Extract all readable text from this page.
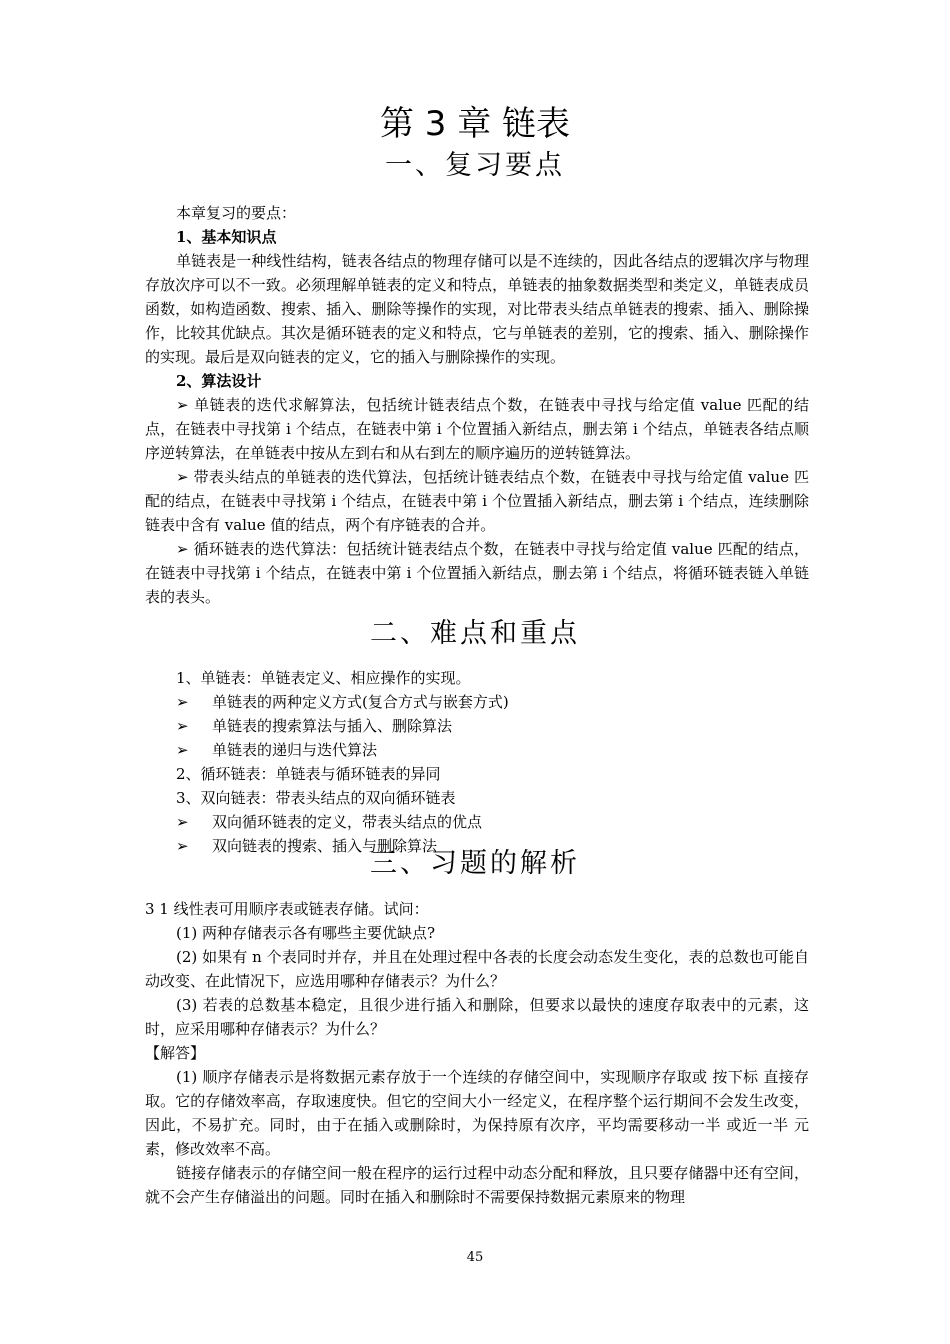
第 3 章 链表
一、复习要点

本章复习的要点：

1、基本知识点

单链表是一种线性结构，链表各结点的物理存储可以是不连续的，因此各结点的逻辑次序与物理存放次序可以不一致。必须理解单链表的定义和特点，单链表的抽象数据类型和类定义，单链表成员函数，如构造函数、搜索、插入、删除等操作的实现，对比带表头结点单链表的搜索、插入、删除操作，比较其优缺点。其次是循环链表的定义和特点，它与单链表的差别，它的搜索、插入、删除操作的实现。最后是双向链表的定义，它的插入与删除操作的实现。

2、算法设计

➢ 单链表的迭代求解算法，包括统计链表结点个数，在链表中寻找与给定值 value 匹配的结点，在链表中寻找第 i 个结点，在链表中第 i 个位置插入新结点，删去第 i 个结点，单链表各结点顺序逆转算法，在单链表中按从左到右和从右到左的顺序遍历的逆转链算法。

➢ 带表头结点的单链表的迭代算法，包括统计链表结点个数，在链表中寻找与给定值 value 匹配的结点，在链表中寻找第 i 个结点，在链表中第 i 个位置插入新结点，删去第 i 个结点，连续删除链表中含有 value 值的结点，两个有序链表的合并。

➢ 循环链表的迭代算法：包括统计链表结点个数，在链表中寻找与给定值 value 匹配的结点，在链表中寻找第 i 个结点，在链表中第 i 个位置插入新结点，删去第 i 个结点，将循环链表链入单链表的表头。

二、难点和重点

1、单链表：单链表定义、相应操作的实现。

➢ 单链表的两种定义方式(复合方式与嵌套方式)

➢ 单链表的搜索算法与插入、删除算法

➢ 单链表的递归与迭代算法

2、循环链表：单链表与循环链表的异同

3、双向链表：带表头结点的双向循环链表

➢ 双向循环链表的定义，带表头结点的优点

➢ 双向链表的搜索、插入与删除算法

三、习题的解析

3 1 线性表可用顺序表或链表存储。试问：

(1) 两种存储表示各有哪些主要优缺点?

(2) 如果有 n 个表同时并存，并且在处理过程中各表的长度会动态发生变化，表的总数也可能自动改变、在此情况下，应选用哪种存储表示？为什么？

(3) 若表的总数基本稳定，且很少进行插入和删除，但要求以最快的速度存取表中的元素，这时，应采用哪种存储表示？为什么？

【解答】

(1) 顺序存储表示是将数据元素存放于一个连续的存储空间中，实现顺序存取或 按下标 直接存取。它的存储效率高，存取速度快。但它的空间大小一经定义，在程序整个运行期间不会发生改变，因此，不易扩充。同时，由于在插入或删除时，为保持原有次序，平均需要移动一半 或近一半 元素，修改效率不高。

链接存储表示的存储空间一般在程序的运行过程中动态分配和释放，且只要存储器中还有空间，就不会产生存储溢出的问题。同时在插入和删除时不需要保持数据元素原来的物理

45
